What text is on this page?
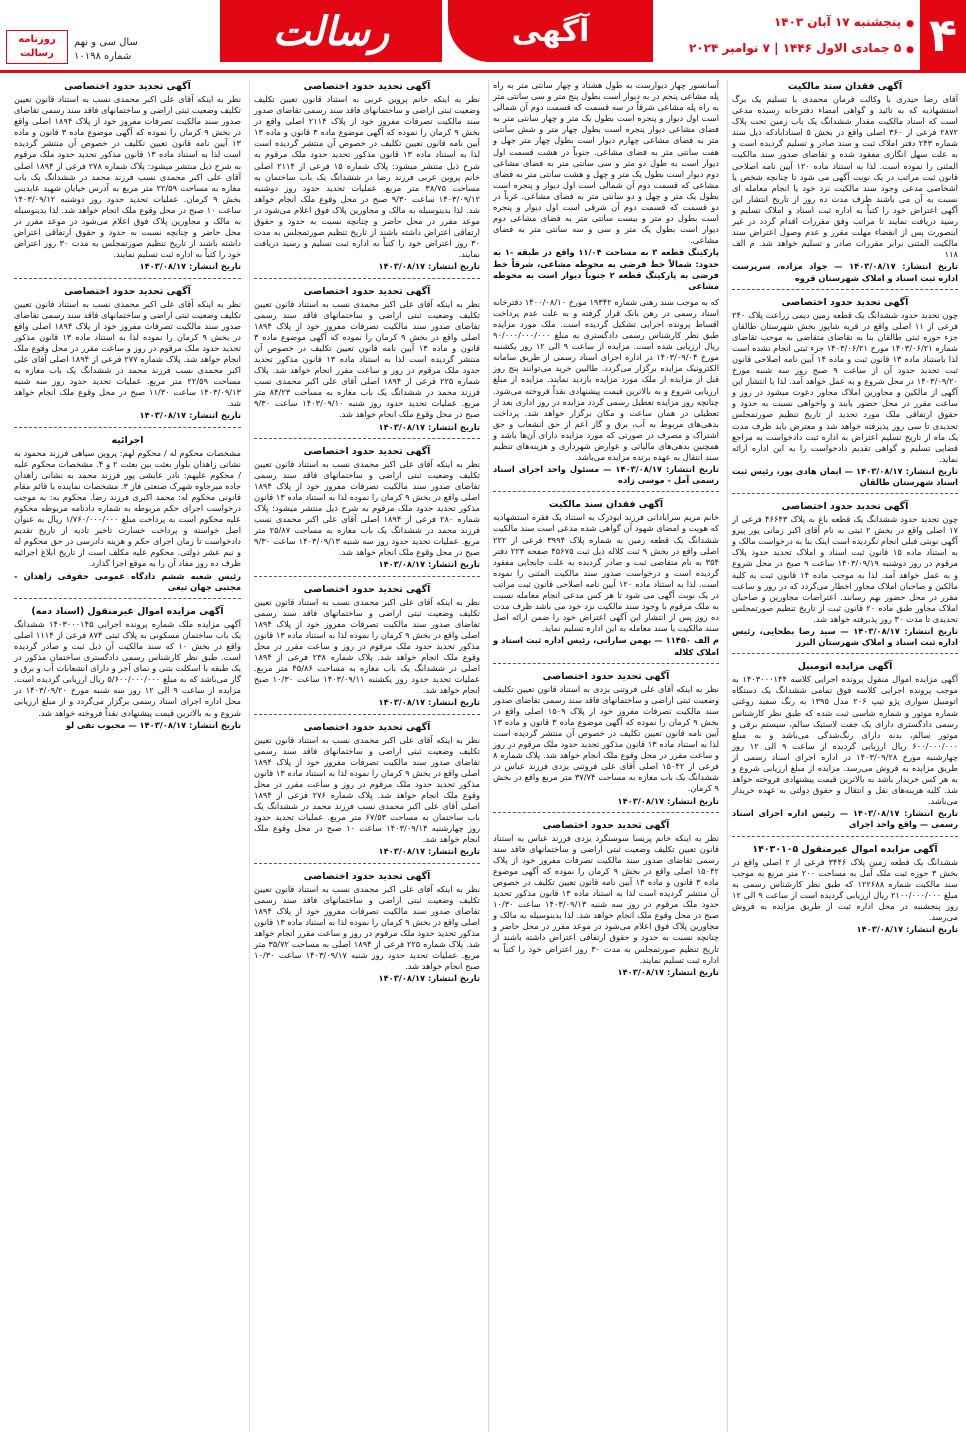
۴
●پنجشنبه ۱۷ آبان ۱۴۰۳
●۵ جمادی الاول ۱۴۴۶ | ۷ نوامبر ۲۰۲۴
آگهی
رسالت
سال سی و نهم
شماره ۱۰۱۹۸
روزنامه
رسالت
آگهی فقدان سند مالکیت
آقای رضا حیدری با وکالت فرمان محمدی با تسلیم یک برگ استشهادیه که به تائید و گواهی امضاء دفترخانه رسیده مدعی است که اسناد مالکیت مقدار ششدانگ یک باب زمین تحت پلاک ۲۸۷۲ فرعی از ۳۶۰ اصلی واقع در بخش ۵ اسنادابادکه ذیل سند شماره ۲۴۳ دفتر املاک ثبت و سند صادر و تسلیم گردیده است و به علت سهل انگاری مفقود شده و تقاضای صدور سند مالکیت المثنی را نموده است. لذا به استناد ماده ۱۲۰ آیین نامه اصلاحی قانون ثبت مراتب در یک نوبت آگهی می شود تا چنانچه شخص یا اشخاصی مدعی وجود سند مالکیت نزد خود یا انجام معامله ای نسبت به آن می باشند ظرف مدت ده روز از تاریخ انتشار این آگهی اعتراض خود را کتباً به اداره ثبت اسناد و املاک تسلیم و رسید دریافت نمایند تا مراتب وفق مقررات اقدام گردد در غیر اینصورت پس از انقضاء مهلت مقرر و عدم وصول اعتراض سند مالکیت المثنی برابر مقررات صادر و تسلیم خواهد شد. م الف ۱۱۸
تاریخ انتشار: ۱۴۰۳/۰۸/۱۷ — جواد مزاده، سرپرست اداره ثبت اسناد و املاک شهرستان قروه
آگهی تحدید حدود اختصاصی
چون تحدید حدود ششدانگ یک قطعه زمین دیمی زراعت پلاک ۲۴۰ فرعی از ۱۱ اصلی واقع در قریه شاپور بخش شهرستان طالقان جزء حوزه ثبتی طالقان بنا به تقاضای متقاضی به موجب تقاضای شماره ۱۴۰۳/۰۶/۲۱ مورخ ۱۴۰۳/۰۶/۲۱ جزء ثبتی انجام نشده است لذا باستناد ماده ۱۳ قانون ثبت و ماده ۱۴ آیین نامه اصلاحی قانون ثبت تحدید حدود آن از ساعت ۹ صبح روز سه شنبه مورخ ۱۴۰۳/۰۹/۲۰ در محل شروع و به عمل خواهد آمد. لذا با انتشار این آگهی از مالکین و مجاورین املاک مجاور دعوت میشود در روز و ساعت مقرر در محل حضور یابند و واخواهی نسبت به حدود و حقوق ارتفاقی ملک مورد تحدید از تاریخ تنظیم صورتمجلس تحدیدی تا سی روز پذیرفته خواهد شد و معترض باید ظرف مدت یک ماه از تاریخ تسلیم اعتراض به اداره ثبت دادخواست به مراجع قضایی تسلیم و گواهی تقدیم دادخواست را به این اداره ارائه نماید.
تاریخ انتشار: ۱۴۰۳/۰۸/۱۷ — ایمان هادی پور، رئیس ثبت اسناد شهرستان طالقان
آگهی تحدید حدود اختصاصی
چون تحدید حدود ششدانگ یک قطعه باغ به پلاک ۴۶۶۴۳ فرعی از ۱۷ اصلی واقع در بخش ۲ ثبتی به نام آقای اکبر زمانی پور پیرو آگهی نوبتی قبلی انجام نگردیده است اینک بنا به درخواست مالک و به استناد ماده ۱۵ قانون ثبت اسناد و املاک تحدید حدود پلاک مرقوم در روز دوشنبه ۱۴۰۳/۰۹/۱۹ ساعت ۹ صبح در محل شروع و به عمل خواهد آمد. لذا به موجب ماده ۱۴ قانون ثبت به کلیه مالکین و صاحبان املاک مجاور اخطار می‌گردد که در روز و ساعت مقرر در محل حضور بهم رسانند. اعتراضات مجاورین و صاحبان املاک مجاور طبق ماده ۲۰ قانون ثبت از تاریخ تنظیم صورتمجلس تحدیدی تا مدت ۳۰ روز پذیرفته خواهد شد.
تاریخ انتشار: ۱۴۰۳/۰۸/۱۷ — سید رضا بطحایی، رئیس اداره ثبت اسناد و املاک شهرستان البرز
آگهی مزایده اتومبیل
آگهی مزایده اموال منقول پرونده اجرایی کلاسه ۱۴۰۳۰۰۰۱۴۴ به موجب پرونده اجرایی کلاسه فوق تمامی ششدانگ یک دستگاه اتومبیل سواری پژو تیپ ۲۰۶ مدل ۱۳۹۵ به رنگ سفید روغنی شماره موتور و شماره شاسی ثبت شده که طبق نظر کارشناس رسمی دادگستری دارای یک جفت لاستیک سالم، سیستم برقی و موتور سالم، بدنه دارای رنگ‌شدگی می‌باشد و به مبلغ ۶۰۰/۰۰۰/۰۰۰ ریال ارزیابی گردیده از ساعت ۹ الی ۱۲ روز چهارشنبه مورخ ۱۴۰۳/۰۹/۲۸ در اداره اجرای اسناد رسمی از طریق مزایده به فروش می‌رسد. مزایده از مبلغ ارزیابی شروع و به هر کس خریدار باشد به بالاترین قیمت پیشنهادی فروخته خواهد شد. کلیه هزینه‌های نقل و انتقال و حقوق دولتی به عهده خریدار می‌باشد.
تاریخ انتشار: ۱۴۰۳/۰۸/۱۷ — رئیس اداره اجرای اسناد رسمی — واقع واحد اجرای
آگهی مزایده اموال غیرمنقول ۱۴۰۳۰۱۰۵
ششدانگ یک قطعه زمین پلاک ۳۴۴۶ فرعی از ۲ اصلی واقع در بخش ۳ حوزه ثبت ملک آمل به مساحت ۲۰۰ متر مربع به موجب سند مالکیت شماره ۱۲۲۶۸۸ که طبق نظر کارشناس رسمی به مبلغ ۲۱۰۰/۰۰۰/۰۰۰ ریال ارزیابی گردیده است از ساعت ۹ الی ۱۲ روز پنجشنبه در محل اداره ثبت از طریق مزایده به فروش می‌رسد.
تاریخ انتشار: ۱۴۰۳/۰۸/۱۷
آسانسور چهار دیوارست به طول هشتاد و چهار سانتی متر به راه پله مشاعی پنجم در به دیوار است بطول پنج متر و سی سانتی متر به راه پله مشاعی شرقاً در سه قسمت که قسمت دوم آن شمالی است اول دیوار و پنجره است بطول یک متر و چهار سانتی متر به فضای مشاعی دیوار پنجره است بطول چهار متر و شش سانتی متر به فضای مشاعی چهارم دیوار است بطول چهار متر جهل و هفت سانتی متر به فضای مشاعی. جنوباً در هشت قسمت اول دیوار است به طول دو متر و سی سانتی متر به فضای مشاعی دوم دیوار است بطول یک متر و چهل و هشت سانتی متر به فضای مشاعی که قسمت دوم آن شمالی است اول دیوار و پنجره است بطول یک متر و چهل و دو سانتی متر به فضای مشاعی. غرباً در دو قسمت که قسمت دوم آن شرقی است اول دیوار و پنجره است بطول دو متر و بیست سانتی متر به فضای مشاعی دوم دیوار است بطول یک متر و سی و سه سانتی متر به فضای مشاعی.
پارکینگ قطعه ۳ به مساحت ۱۱/۰۴ واقع در طبقه -۱ به حدود: شمالاً خط فرضی به محوطه مشاعی، شرقاً خط فرضی به پارکینگ قطعه ۲ جنوباً دیوار است به محوطه مشاعی
که به موجب سند رهنی شماره ۱۹۳۴۲ مورخ ۱۴۰۰/۰۸/۱۰ دفترخانه اسناد رسمی در رهن بانک قرار گرفته و به علت عدم پرداخت اقساط پرونده اجرایی تشکیل گردیده است. ملک مورد مزایده طبق نظر کارشناس رسمی دادگستری به مبلغ ۹۰/۰۰۰/۰۰۰/۰۰۰ ریال ارزیابی شده است. مزایده از ساعت ۹ الی ۱۲ روز یکشنبه مورخ ۱۴۰۳/۰۹/۰۴ در اداره اجرای اسناد رسمی از طریق سامانه الکترونیک مزایده برگزار می‌گردد. طالبین خرید می‌توانند پنج روز قبل از مزایده از ملک مورد مزایده بازدید نمایند. مزایده از مبلغ ارزیابی شروع و به بالاترین قیمت پیشنهادی نقداً فروخته می‌شود. چنانچه روز مزایده تعطیل رسمی گردد مزایده در روز اداری بعد از تعطیلی در همان ساعت و مکان برگزار خواهد شد. پرداخت بدهی‌های مربوط به آب، برق و گاز اعم از حق انشعاب و حق اشتراک و مصرف در صورتی که مورد مزایده دارای آن‌ها باشد و همچنین بدهی‌های مالیاتی و عوارض شهرداری و هزینه‌های تنظیم سند انتقال به عهده برنده مزایده می‌باشد.
تاریخ انتشار: ۱۴۰۳/۰۸/۱۷ — مسئول واحد اجرای اسناد رسمی آمل - موسی زاده
آگهی فقدان سند مالکیت
خانم مریم سرابادانی فرزند ابوذرک به استناد یک فقره استشهادیه که هویت و امضای شهود آن گواهی شده مدعی است سند مالکیت ششدانگ یک قطعه زمین به شماره پلاک ۳۹۹۴ فرعی از ۲۲۲ اصلی واقع در بخش ۹ ثبت کلاله ذیل ثبت ۴۵۶۷۵ صفحه ۲۲۳ دفتر ۳۵۴ به نام متقاضی ثبت و صادر گردیده به علت جابجایی مفقود گردیده است و درخواست صدور سند مالکیت المثنی را نموده است. لذا به استناد ماده ۱۲۰ آیین نامه اصلاحی قانون ثبت مراتب در یک نوبت آگهی می شود تا هر کس مدعی انجام معامله نسبت به ملک مرقوم یا وجود سند مالکیت نزد خود می باشد ظرف مدت ده روز پس از انتشار این آگهی اعتراض خود را ضمن ارائه اصل سند مالکیت یا سند معامله به این اداره تسلیم نماید.
م الف ۱۱۴۵۰ — بهمن سارانی، رئیس اداره ثبت اسناد و املاک کلاله
آگهی تحدید حدود اختصاصی
نظر به اینکه آقای علی فروتنی یزدی به استناد قانون تعیین تکلیف وضعیت ثبتی اراضی و ساختمانهای فاقد سند رسمی تقاضای صدور سند مالکیت تصرفات مفروز خود از پلاک ۱۵۰۹ اصلی واقع در بخش ۹ کرمان را نموده که آگهی موضوع ماده ۳ قانون و ماده ۱۳ آیین نامه قانون تعیین تکلیف در خصوص آن منتشر گردیده است لذا به استناد ماده ۱۳ قانون مذکور تحدید حدود ملک مرقوم در روز و ساعت مقرر در محل وقوع ملک انجام خواهد شد. پلاک شماره ۸ فرعی از ۱۵۰۴۲ اصلی آقای علی فروتنی یزدی فرزند عباس در ششدانگ یک باب مغازه به مساحت ۳۷/۷۴ متر مربع واقع در بخش ۹ کرمان.
تاریخ انتشار: ۱۴۰۳/۰۸/۱۷
آگهی تحدید حدود اختصاصی
نظر به اینکه خانم پریسا سوسنگرد یزدی فرزند عباس به استناد قانون تعیین تکلیف وضعیت ثبتی اراضی و ساختمانهای فاقد سند رسمی تقاضای صدور سند مالکیت تصرفات مفروز خود از پلاک ۱۵۰۴۲ اصلی واقع در بخش ۹ کرمان را نموده که آگهی موضوع ماده ۳ قانون و ماده ۱۳ آیین نامه قانون تعیین تکلیف در خصوص آن منتشر گردیده است لذا به استناد ماده ۱۳ قانون مذکور تحدید حدود ملک مرقوم در روز سه شنبه ۱۴۰۳/۰۹/۱۳ ساعت ۱۰/۳۰ صبح در محل وقوع ملک انجام خواهد شد. لذا بدینوسیله به مالک و مجاورین پلاک فوق اعلام می‌شود در موعد مقرر در محل حاضر و چنانچه نسبت به حدود و حقوق ارتفاقی اعتراض داشته باشند از تاریخ تنظیم صورتمجلس به مدت ۳۰ روز اعتراض خود را کتباً به اداره ثبت تسلیم نمایند.
تاریخ انتشار: ۱۴۰۳/۰۸/۱۷
آگهی تحدید حدود اختصاصی
نظر به اینکه خانم پروین عربی به استناد قانون تعیین تکلیف وضعیت ثبتی اراضی و ساختمانهای فاقد سند رسمی تقاضای صدور سند مالکیت تصرفات مفروز خود از پلاک ۲۱۱۴ اصلی واقع در بخش ۹ کرمان را نموده که آگهی موضوع ماده ۳ قانون و ماده ۱۳ آیین نامه قانون تعیین تکلیف در خصوص آن منتشر گردیده است لذا به استناد ماده ۱۳ قانون مذکور تحدید حدود ملک مرقوم به شرح ذیل منتشر میشود: پلاک شماره ۱۵ فرعی از ۲۱۱۴ اصلی خانم پروین عربی فرزند رضا در ششدانگ یک باب ساختمان به مساحت ۳۸/۷۵ متر مربع. عملیات تحدید حدود روز دوشنبه ۱۴۰۳/۰۹/۱۲ ساعت ۹/۳۰ صبح در محل وقوع ملک انجام خواهد شد. لذا بدینوسیله به مالک و مجاورین پلاک فوق اعلام می‌شود در موعد مقرر در محل حاضر و چنانچه نسبت به حدود و حقوق ارتفاقی اعتراض داشته باشند از تاریخ تنظیم صورتمجلس به مدت ۳۰ روز اعتراض خود را کتباً به اداره ثبت تسلیم و رسید دریافت نمایند.
تاریخ انتشار: ۱۴۰۳/۰۸/۱۷
آگهی تحدید حدود اختصاصی
نظر به اینکه آقای علی اکبر محمدی نسب به استناد قانون تعیین تکلیف وضعیت ثبتی اراضی و ساختمانهای فاقد سند رسمی تقاضای صدور سند مالکیت تصرفات مفروز خود از پلاک ۱۸۹۴ اصلی واقع در بخش ۹ کرمان را نموده که آگهی موضوع ماده ۳ قانون و ماده ۱۳ آیین نامه قانون تعیین تکلیف در خصوص آن منتشر گردیده است لذا به استناد ماده ۱۳ قانون مذکور تحدید حدود ملک مرقوم در روز و ساعت مقرر انجام خواهد شد. پلاک شماره ۲۲۵ فرعی از ۱۸۹۴ اصلی آقای علی اکبر محمدی نسب فرزند محمد در ششدانگ یک باب مغازه به مساحت ۸۴/۲۳ متر مربع. عملیات تحدید حدود روز شنبه ۱۴۰۳/۰۹/۱۰ ساعت ۹/۳۰ صبح در محل وقوع ملک انجام خواهد شد.
تاریخ انتشار: ۱۴۰۳/۰۸/۱۷
آگهی تحدید حدود اختصاصی
نظر به اینکه آقای علی اکبر محمدی نسب به استناد قانون تعیین تکلیف وضعیت ثبتی اراضی و ساختمانهای فاقد سند رسمی تقاضای صدور سند مالکیت تصرفات مفروز خود از پلاک ۱۸۹۴ اصلی واقع در بخش ۹ کرمان را نموده لذا به استناد ماده ۱۳ قانون مذکور تحدید حدود ملک مرقوم به شرح ذیل منتشر میشود: پلاک شماره ۲۸۰ فرعی از ۱۸۹۴ اصلی آقای علی اکبر محمدی نسب فرزند محمد در ششدانگ یک باب مغازه به مساحت ۲۵/۸۷ متر مربع. عملیات تحدید حدود روز سه شنبه ۱۴۰۳/۰۹/۱۳ ساعت ۹/۳۰ صبح در محل وقوع ملک انجام خواهد شد.
تاریخ انتشار: ۱۴۰۳/۰۸/۱۷
آگهی تحدید حدود اختصاصی
نظر به اینکه آقای علی اکبر محمدی نسب به استناد قانون تعیین تکلیف وضعیت ثبتی اراضی و ساختمانهای فاقد سند رسمی تقاضای صدور سند مالکیت تصرفات مفروز خود از پلاک ۱۸۹۴ اصلی واقع در بخش ۹ کرمان را نموده لذا به استناد ماده ۱۳ قانون مذکور تحدید حدود ملک مرقوم در روز و ساعت مقرر در محل وقوع ملک انجام خواهد شد. پلاک شماره ۲۳۸ فرعی از ۱۸۹۴ اصلی در ششدانگ یک باب مغازه به مساحت ۴۵/۸۶ متر مربع. عملیات تحدید حدود روز یکشنبه ۱۴۰۳/۰۹/۱۱ ساعت ۱۰/۳۰ صبح انجام خواهد شد.
تاریخ انتشار: ۱۴۰۳/۰۸/۱۷
آگهی تحدید حدود اختصاصی
نظر به اینکه آقای علی اکبر محمدی نسب به استناد قانون تعیین تکلیف وضعیت ثبتی اراضی و ساختمانهای فاقد سند رسمی تقاضای صدور سند مالکیت تصرفات مفروز خود از پلاک ۱۸۹۴ اصلی واقع در بخش ۹ کرمان را نموده لذا به استناد ماده ۱۳ قانون مذکور تحدید حدود ملک مرقوم در روز و ساعت مقرر در محل وقوع ملک انجام خواهد شد. پلاک شماره ۲۷۶ فرعی از ۱۸۹۴ اصلی آقای علی اکبر محمدی نسب فرزند محمد در ششدانگ یک باب ساختمان به مساحت ۶۷/۵۳ متر مربع. عملیات تحدید حدود روز چهارشنبه ۱۴۰۳/۰۹/۱۴ ساعت ۱۰ صبح در محل وقوع ملک انجام خواهد شد.
تاریخ انتشار: ۱۴۰۳/۰۸/۱۷
آگهی تحدید حدود اختصاصی
نظر به اینکه آقای علی اکبر محمدی نسب به استناد قانون تعیین تکلیف وضعیت ثبتی اراضی و ساختمانهای فاقد سند رسمی تقاضای صدور سند مالکیت تصرفات مفروز خود از پلاک ۱۸۹۴ اصلی واقع در بخش ۹ کرمان را نموده لذا به استناد ماده ۱۳ قانون مذکور تحدید حدود ملک مرقوم در روز و ساعت مقرر انجام خواهد شد. پلاک شماره ۲۲۵ فرعی از ۱۸۹۴ اصلی به مساحت ۳۵/۷۲ متر مربع. عملیات تحدید حدود روز شنبه ۱۴۰۳/۰۹/۱۷ ساعت ۱۰/۳۰ صبح انجام خواهد شد.
تاریخ انتشار: ۱۴۰۳/۰۸/۱۷
آگهی تحدید حدود اختصاصی
نظر به اینکه آقای علی اکبر محمدی نسب به استناد قانون تعیین تکلیف وضعیت ثبتی اراضی و ساختمانهای فاقد سند رسمی تقاضای صدور سند مالکیت تصرفات مفروز خود از پلاک ۱۸۹۴ اصلی واقع در بخش ۹ کرمان را نموده که آگهی موضوع ماده ۳ قانون و ماده ۱۳ آیین نامه قانون تعیین تکلیف در خصوص آن منتشر گردیده است لذا به استناد ماده ۱۳ قانون مذکور تحدید حدود ملک مرقوم به شرح ذیل منتشر میشود: پلاک شماره ۲۷۸ فرعی از ۱۸۹۴ اصلی آقای علی اکبر محمدی نسب فرزند محمد در ششدانگ یک باب مغازه به مساحت ۲۲/۵۹ متر مربع به آدرس خیابان شهید عابدینی بخش ۹ کرمان. عملیات تحدید حدود روز دوشنبه ۱۴۰۳/۰۹/۱۲ ساعت ۱۰ صبح در محل وقوع ملک انجام خواهد شد. لذا بدینوسیله به مالک و مجاورین پلاک فوق اعلام می‌شود در موعد مقرر در محل حاضر و چنانچه نسبت به حدود و حقوق ارتفاقی اعتراض داشته باشند از تاریخ تنظیم صورتمجلس به مدت ۳۰ روز اعتراض خود را کتباً به اداره ثبت تسلیم نمایند.
تاریخ انتشار: ۱۴۰۳/۰۸/۱۷
آگهی تحدید حدود اختصاصی
نظر به اینکه آقای علی اکبر محمدی نسب به استناد قانون تعیین تکلیف وضعیت ثبتی اراضی و ساختمانهای فاقد سند رسمی تقاضای صدور سند مالکیت تصرفات مفروز خود از پلاک ۱۸۹۴ اصلی واقع در بخش ۹ کرمان را نموده لذا به استناد ماده ۱۳ قانون مذکور تحدید حدود ملک مرقوم در روز و ساعت مقرر در محل وقوع ملک انجام خواهد شد. پلاک شماره ۲۷۷ فرعی از ۱۸۹۴ اصلی آقای علی اکبر محمدی نسب فرزند محمد در ششدانگ یک باب مغازه به مساحت ۲۲/۵۹ متر مربع. عملیات تحدید حدود روز سه شنبه ۱۴۰۳/۰۹/۱۳ ساعت ۱۱/۳۰ صبح در محل وقوع ملک انجام خواهد شد.
تاریخ انتشار: ۱۴۰۳/۰۸/۱۷
اجرائیه
مشخصات محکوم له / محکوم لهم: پروین سیاهی فرزند محمود به نشانی زاهدان بلوار بعثت بین بعثت ۲ و ۴. مشخصات محکوم علیه / محکوم علیهم: نادر عایشی پور فرزند محمد به نشانی زاهدان جاده میرجاوه شهرک صنعتی فاز ۳. مشخصات نماینده یا قائم مقام قانونی محکوم له: محمد اکبری فرزند رضا. محکوم به: به موجب درخواست اجرای حکم مربوطه به شماره دادنامه مربوطه محکوم علیه محکوم است به پرداخت مبلغ ۱/۷۶۰/۰۰۰/۰۰۰ ریال به عنوان اصل خواسته و پرداخت خسارت تاخیر تادیه از تاریخ تقدیم دادخواست تا زمان اجرای حکم و هزینه دادرسی در حق محکوم له و نیم عشر دولتی. محکوم علیه مکلف است از تاریخ ابلاغ اجرائیه ظرف ده روز مفاد آن را به موقع اجرا گذارد.
رئیس شعبه ششم دادگاه عمومی حقوقی زاهدان - مجتبی جهان تیغی
آگهی مزایده اموال غیرمنقول (اسناد دمه)
آگهی مزایده ملک شماره پرونده اجرایی ۱۴۰۳۰۰۰۱۴۵ ششدانگ یک باب ساختمان مسکونی به پلاک ثبتی ۸۷۴ فرعی از ۱۱۱۴ اصلی واقع در بخش ۱۰ که سند مالکیت آن ذیل ثبت و صادر گردیده است. طبق نظر کارشناس رسمی دادگستری ساختمان مذکور در یک طبقه با اسکلت بتنی و نمای آجر و دارای انشعابات آب و برق و گاز می‌باشد که به مبلغ ۵/۶۰۰/۰۰۰/۰۰۰ ریال ارزیابی گردیده است. مزایده از ساعت ۹ الی ۱۲ روز سه شنبه مورخ ۱۴۰۳/۰۹/۲۰ در محل اداره اجرای اسناد رسمی برگزار می‌گردد و از مبلغ ارزیابی شروع و به بالاترین قیمت پیشنهادی نقداً فروخته خواهد شد.
تاریخ انتشار: ۱۴۰۳/۰۸/۱۷ — محبوب نقی لو
